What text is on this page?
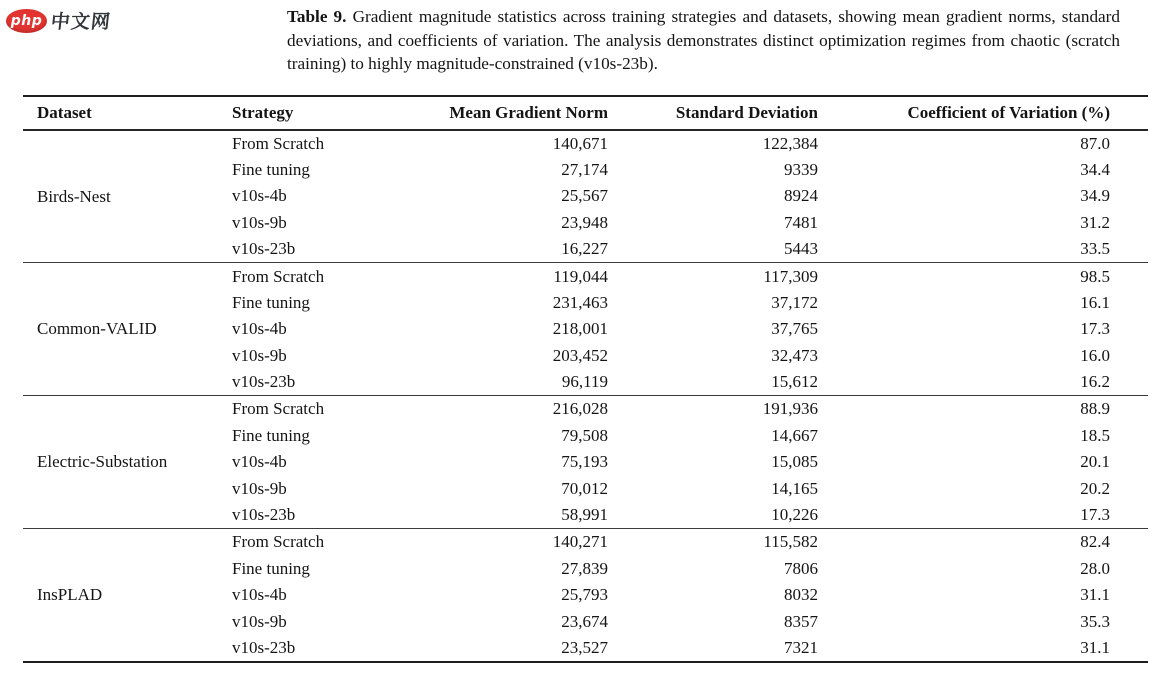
php 中文网	Table 9. Gradient magnitude statistics across training strategies and datasets, showing mean gradient norms, standard deviations, and coefficients of variation. The analysis demonstrates distinct optimization regimes from chaotic (scratch training) to highly magnitude-constrained (v10s-23b).
Dataset	Strategy	Mean Gradient Norm	Standard Deviation	Coefficient of Variation (%)
Birds-Nest	From Scratch	140,671	122,384	87.0
	Fine tuning	27,174	9339	34.4
	v10s-4b	25,567	8924	34.9
	v10s-9b	23,948	7481	31.2
	v10s-23b	16,227	5443	33.5
Common-VALID	From Scratch	119,044	117,309	98.5
	Fine tuning	231,463	37,172	16.1
	v10s-4b	218,001	37,765	17.3
	v10s-9b	203,452	32,473	16.0
	v10s-23b	96,119	15,612	16.2
Electric-Substation	From Scratch	216,028	191,936	88.9
	Fine tuning	79,508	14,667	18.5
	v10s-4b	75,193	15,085	20.1
	v10s-9b	70,012	14,165	20.2
	v10s-23b	58,991	10,226	17.3
InsPLAD	From Scratch	140,271	115,582	82.4
	Fine tuning	27,839	7806	28.0
	v10s-4b	25,793	8032	31.1
	v10s-9b	23,674	8357	35.3
	v10s-23b	23,527	7321	31.1
